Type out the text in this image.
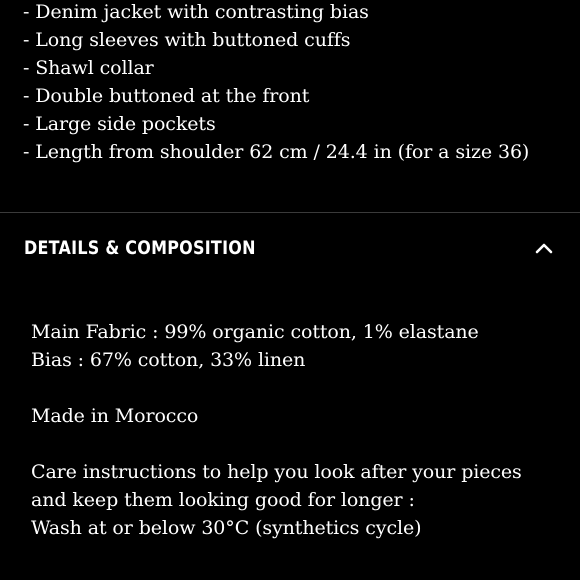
- Denim jacket with contrasting bias
- Long sleeves with buttoned cuffs
- Shawl collar
- Double buttoned at the front
- Large side pockets
- Length from shoulder 62 cm / 24.4 in (for a size 36)
DETAILS & COMPOSITION

Main Fabric : 99% organic cotton, 1% elastane

Bias : 67% cotton, 33% linen

Made in Morocco

Care instructions to help you look after your pieces

and keep them looking good for longer :

Wash at or below 30°C (synthetics cycle)
